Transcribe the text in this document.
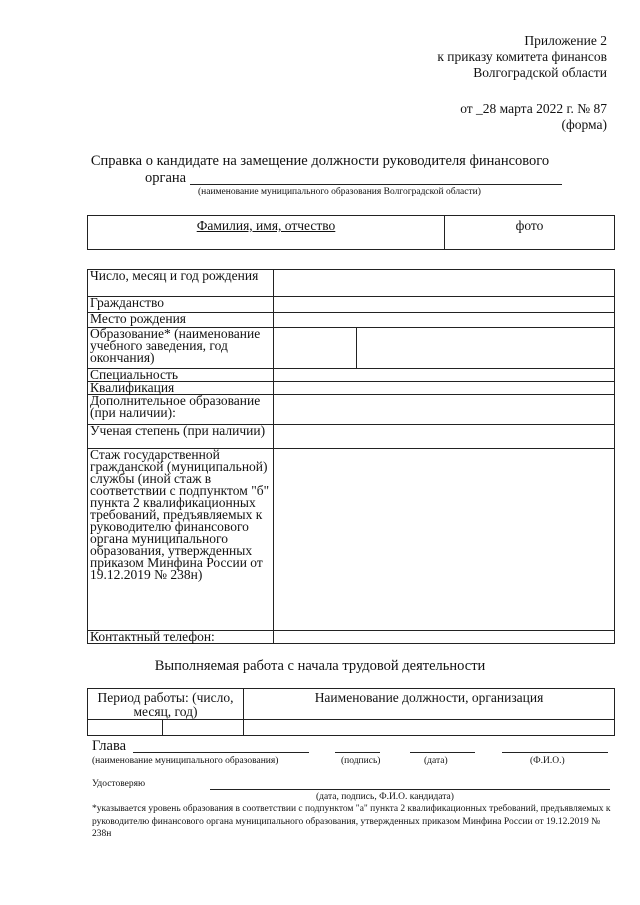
Приложение 2
к приказу комитета финансов
Волгоградской области
от _28 марта 2022 г. № 87
(форма)
Справка о кандидате на замещение должности руководителя финансового
органа
(наименование муниципального образования Волгоградской области)
Фамилия, имя, отчество	фото
Число, месяц и год рождения		
Гражданство		
Место рождения		
Образование* (наименование учебного заведения, год окончания)		
Специальность		
Квалификация		
Дополнительное образование (при наличии):		
Ученая степень (при наличии)		
Стаж государственной гражданской (муниципальной) службы (иной стаж в соответствии с подпунктом "б" пункта 2 квалификационных требований, предъявляемых к руководителю финансового органа муниципального образования, утвержденных приказом Минфина России от 19.12.2019 № 238н)		
Контактный телефон:		
Выполняемая работа с начала трудовой деятельности
Период работы: (число, месяц, год)		Наименование должности, организация

Глава
(наименование муниципального образования)	(подпись)	(дата)	(Ф.И.О.)
Удостоверяю
(дата, подпись, Ф.И.О. кандидата)
*указывается уровень образования в соответствии с подпунктом "а" пункта 2 квалификационных требований, предъявляемых к руководителю финансового органа муниципального образования, утвержденных приказом Минфина России от 19.12.2019 № 238н
